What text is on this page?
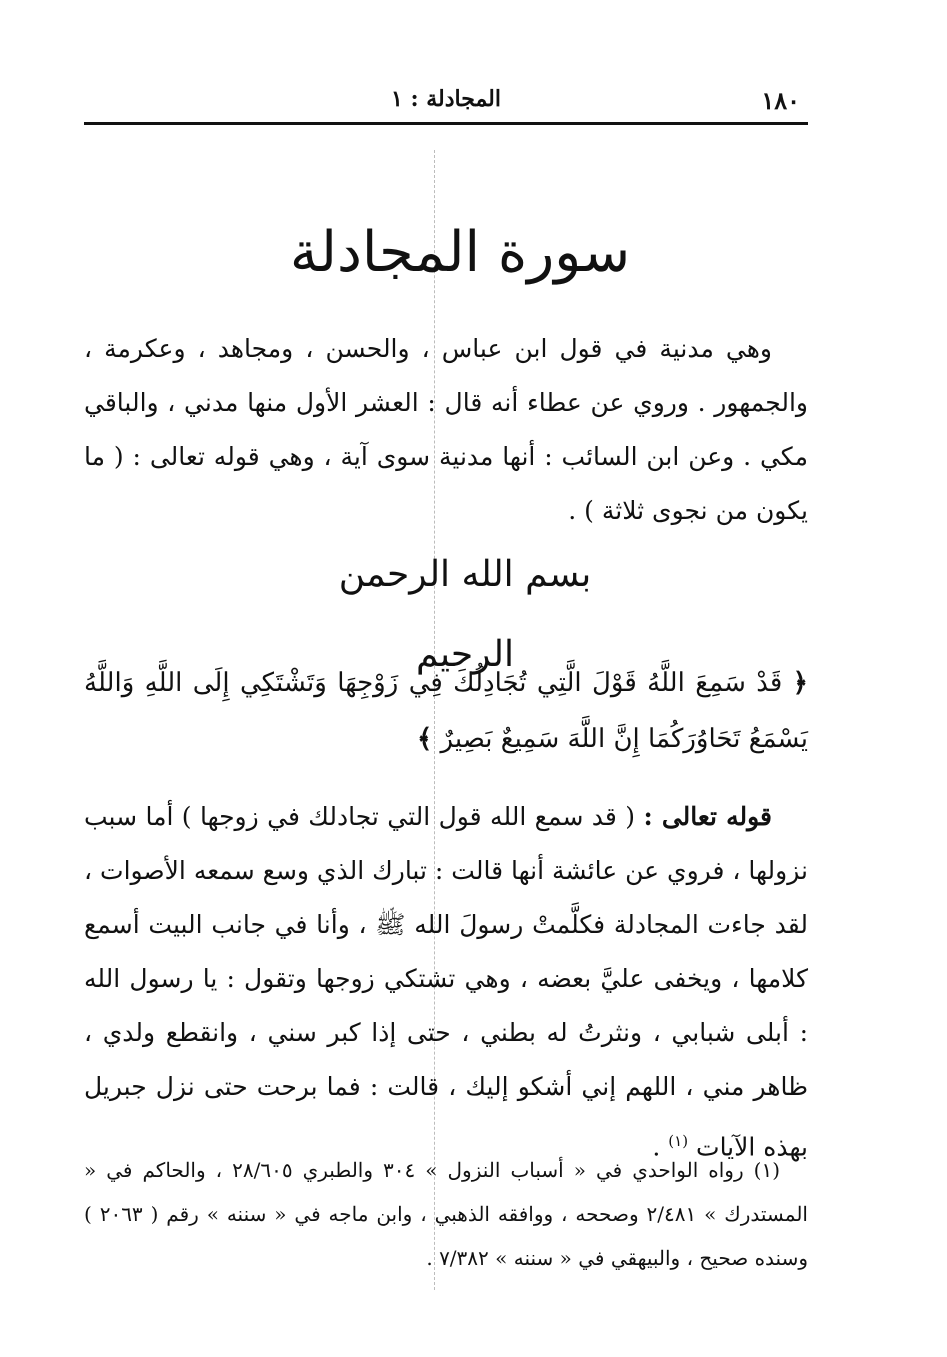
١٨٠
المجادلة : ١
سورة المجادلة

وهي مدنية في قول ابن عباس ، والحسن ، ومجاهد ، وعكرمة ، والجمهور . وروي عن عطاء أنه قال : العشر الأول منها مدني ، والباقي مكي . وعن ابن السائب : أنها مدنية سوى آية ، وهي قوله تعالى : ( ما يكون من نجوى ثلاثة ) .

بسم الله الرحمن الرحيم

﴿ قَدْ سَمِعَ اللَّهُ قَوْلَ الَّتِي تُجَادِلُكَ فِي زَوْجِهَا وَتَشْتَكِي إِلَى اللَّهِ وَاللَّهُ يَسْمَعُ تَحَاوُرَكُمَا إِنَّ اللَّهَ سَمِيعٌ بَصِيرٌ ﴾

قوله تعالى : ( قد سمع الله قول التي تجادلك في زوجها ) أما سبب نزولها ، فروي عن عائشة أنها قالت : تبارك الذي وسع سمعه الأصوات ، لقد جاءت المجادلة فكلَّمتْ رسولَ الله ﷺ ، وأنا في جانب البيت أسمع كلامها ، ويخفى عليَّ بعضه ، وهي تشتكي زوجها وتقول : يا رسول الله : أبلى شبابي ، ونثرتُ له بطني ، حتى إذا كبر سني ، وانقطع ولدي ، ظاهر مني ، اللهم إني أشكو إليك ، قالت : فما برحت حتى نزل جبريل بهذه الآيات $^{(١)}$ .

(١) رواه الواحدي في « أسباب النزول » ٣٠٤ والطبري ٢٨/٦٠٥ ، والحاكم في « المستدرك » ٢/٤٨١ وصححه ، ووافقه الذهبي ، وابن ماجه في « سننه » رقم ( ٢٠٦٣ ) وسنده صحيح ، والبيهقي في « سننه » ٧/٣٨٢ .
